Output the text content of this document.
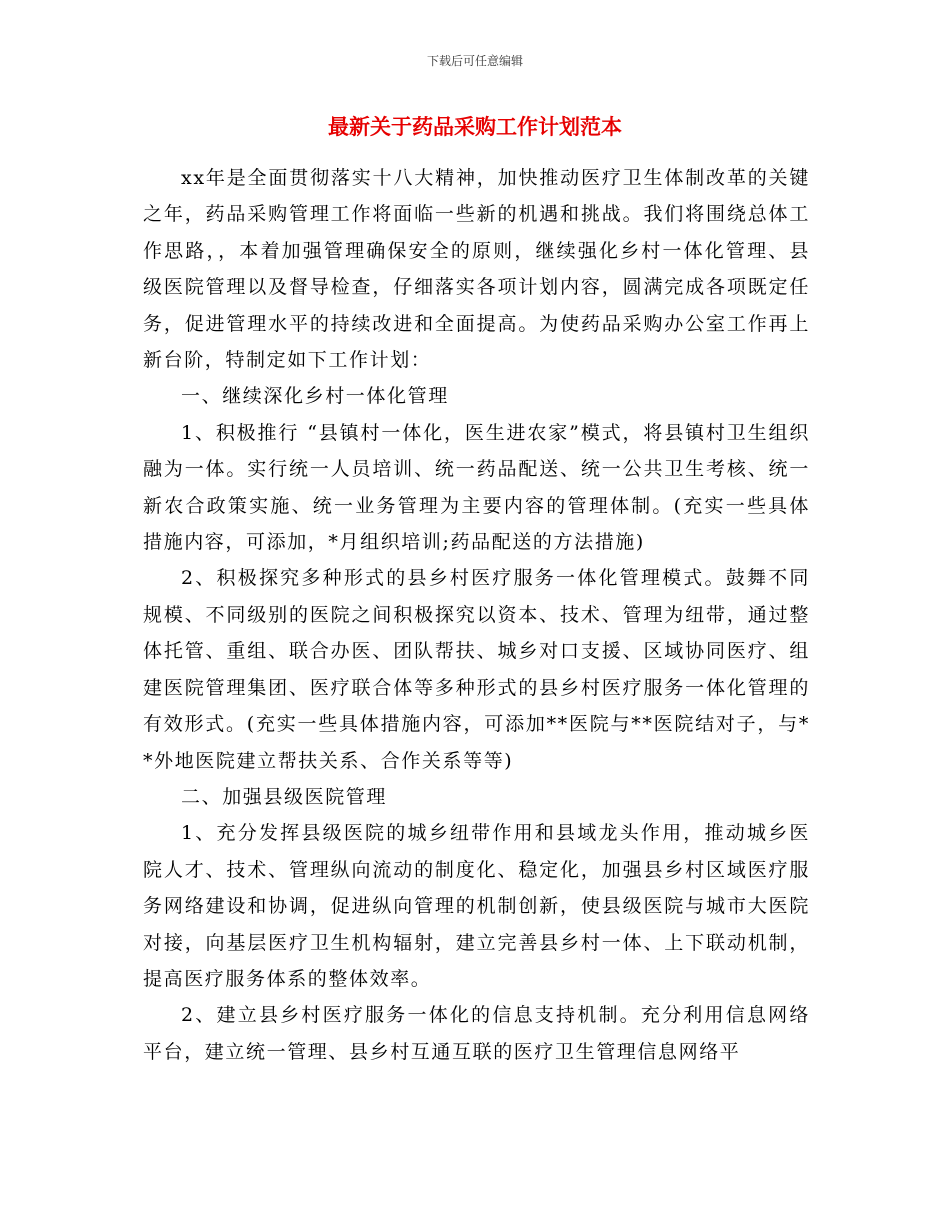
下载后可任意编辑
最新关于药品采购工作计划范本

xx年是全面贯彻落实十八大精神，加快推动医疗卫生体制改革的关键之年，药品采购管理工作将面临一些新的机遇和挑战。我们将围绕总体工作思路，，本着加强管理确保安全的原则，继续强化乡村一体化管理、县级医院管理以及督导检查，仔细落实各项计划内容，圆满完成各项既定任务，促进管理水平的持续改进和全面提高。为使药品采购办公室工作再上新台阶，特制定如下工作计划：

一、继续深化乡村一体化管理

1、积极推行 “县镇村一体化，医生进农家”模式，将县镇村卫生组织融为一体。实行统一人员培训、统一药品配送、统一公共卫生考核、统一新农合政策实施、统一业务管理为主要内容的管理体制。(充实一些具体措施内容，可添加，*月组织培训;药品配送的方法措施)

2、积极探究多种形式的县乡村医疗服务一体化管理模式。鼓舞不同规模、不同级别的医院之间积极探究以资本、技术、管理为纽带，通过整体托管、重组、联合办医、团队帮扶、城乡对口支援、区域协同医疗、组建医院管理集团、医疗联合体等多种形式的县乡村医疗服务一体化管理的有效形式。(充实一些具体措施内容，可添加**医院与**医院结对子，与**外地医院建立帮扶关系、合作关系等等)

二、加强县级医院管理

1、充分发挥县级医院的城乡纽带作用和县域龙头作用，推动城乡医院人才、技术、管理纵向流动的制度化、稳定化，加强县乡村区域医疗服务网络建设和协调，促进纵向管理的机制创新，使县级医院与城市大医院对接，向基层医疗卫生机构辐射，建立完善县乡村一体、上下联动机制，提高医疗服务体系的整体效率。

2、建立县乡村医疗服务一体化的信息支持机制。充分利用信息网络平台，建立统一管理、县乡村互通互联的医疗卫生管理信息网络平
